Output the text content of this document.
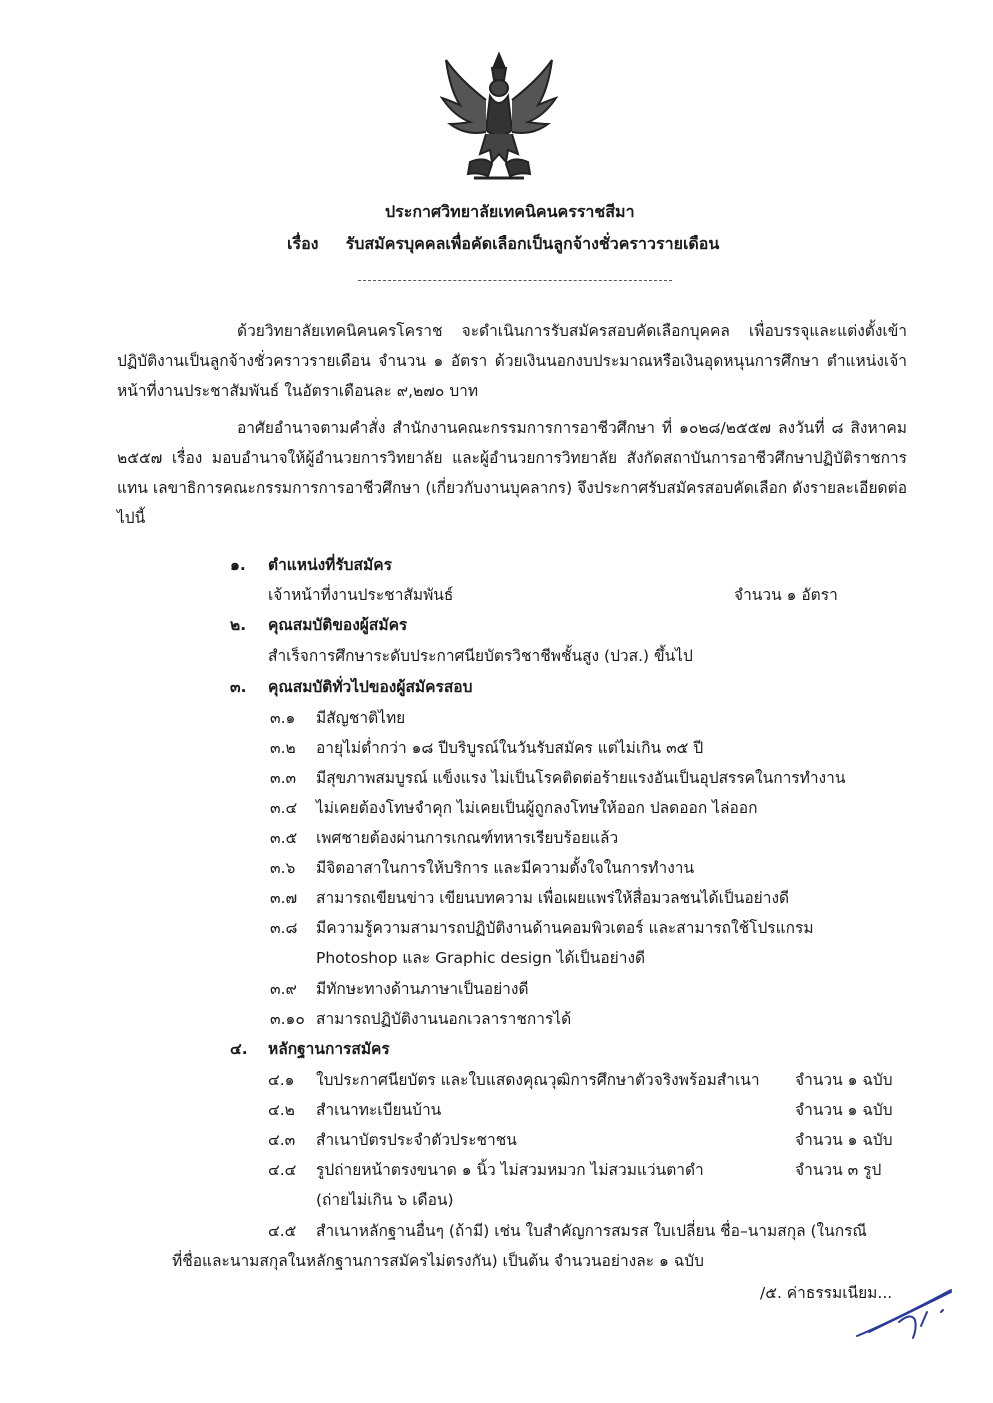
ประกาศวิทยาลัยเทคนิคนครราชสีมา
เรื่อง รับสมัครบุคคลเพื่อคัดเลือกเป็นลูกจ้างชั่วคราวรายเดือน
ด้วยวิทยาลัยเทคนิคนครโคราช จะดำเนินการรับสมัครสอบคัดเลือกบุคคล เพื่อบรรจุและแต่งตั้งเข้าปฏิบัติงานเป็นลูกจ้างชั่วคราวรายเดือน จำนวน ๑ อัตรา ด้วยเงินนอกงบประมาณหรือเงินอุดหนุนการศึกษา ตำแหน่งเจ้าหน้าที่งานประชาสัมพันธ์ ในอัตราเดือนละ ๙,๒๗๐ บาท
อาศัยอำนาจตามคำสั่ง สำนักงานคณะกรรมการการอาชีวศึกษา ที่ ๑๐๒๘/๒๕๕๗ ลงวันที่ ๘ สิงหาคม ๒๕๕๗ เรื่อง มอบอำนาจให้ผู้อำนวยการวิทยาลัย และผู้อำนวยการวิทยาลัย สังกัดสถาบันการอาชีวศึกษาปฏิบัติราชการแทน เลขาธิการคณะกรรมการการอาชีวศึกษา (เกี่ยวกับงานบุคลากร) จึงประกาศรับสมัครสอบคัดเลือก ดังรายละเอียดต่อไปนี้
๑. ตำแหน่งที่รับสมัคร
เจ้าหน้าที่งานประชาสัมพันธ์	จำนวน ๑ อัตรา
๒. คุณสมบัติของผู้สมัคร
สำเร็จการศึกษาระดับประกาศนียบัตรวิชาชีพชั้นสูง (ปวส.) ขึ้นไป
๓. คุณสมบัติทั่วไปของผู้สมัครสอบ
๓.๑ มีสัญชาติไทย
๓.๒ อายุไม่ต่ำกว่า ๑๘ ปีบริบูรณ์ในวันรับสมัคร แต่ไม่เกิน ๓๕ ปี
๓.๓ มีสุขภาพสมบูรณ์ แข็งแรง ไม่เป็นโรคติดต่อร้ายแรงอันเป็นอุปสรรคในการทำงาน
๓.๔ ไม่เคยต้องโทษจำคุก ไม่เคยเป็นผู้ถูกลงโทษให้ออก ปลดออก ไล่ออก
๓.๕ เพศชายต้องผ่านการเกณฑ์ทหารเรียบร้อยแล้ว
๓.๖ มีจิตอาสาในการให้บริการ และมีความตั้งใจในการทำงาน
๓.๗ สามารถเขียนข่าว เขียนบทความ เพื่อเผยแพร่ให้สื่อมวลชนได้เป็นอย่างดี
๓.๘ มีความรู้ความสามารถปฏิบัติงานด้านคอมพิวเตอร์ และสามารถใช้โปรแกรม
Photoshop และ Graphic design ได้เป็นอย่างดี
๓.๙ มีทักษะทางด้านภาษาเป็นอย่างดี
๓.๑๐ สามารถปฏิบัติงานนอกเวลาราชการได้
๔. หลักฐานการสมัคร
๔.๑ ใบประกาศนียบัตร และใบแสดงคุณวุฒิการศึกษาตัวจริงพร้อมสำเนา จำนวน ๑ ฉบับ
๔.๒ สำเนาทะเบียนบ้าน	จำนวน ๑ ฉบับ
๔.๓ สำเนาบัตรประจำตัวประชาชน	จำนวน ๑ ฉบับ
๔.๔ รูปถ่ายหน้าตรงขนาด ๑ นิ้ว ไม่สวมหมวก ไม่สวมแว่นตาดำ	จำนวน ๓ รูป
(ถ่ายไม่เกิน ๖ เดือน)
๔.๕ สำเนาหลักฐานอื่นๆ (ถ้ามี) เช่น ใบสำคัญการสมรส ใบเปลี่ยน ชื่อ–นามสกุล (ในกรณี
ที่ชื่อและนามสกุลในหลักฐานการสมัครไม่ตรงกัน) เป็นต้น จำนวนอย่างละ ๑ ฉบับ
/๕. ค่าธรรมเนียม...
